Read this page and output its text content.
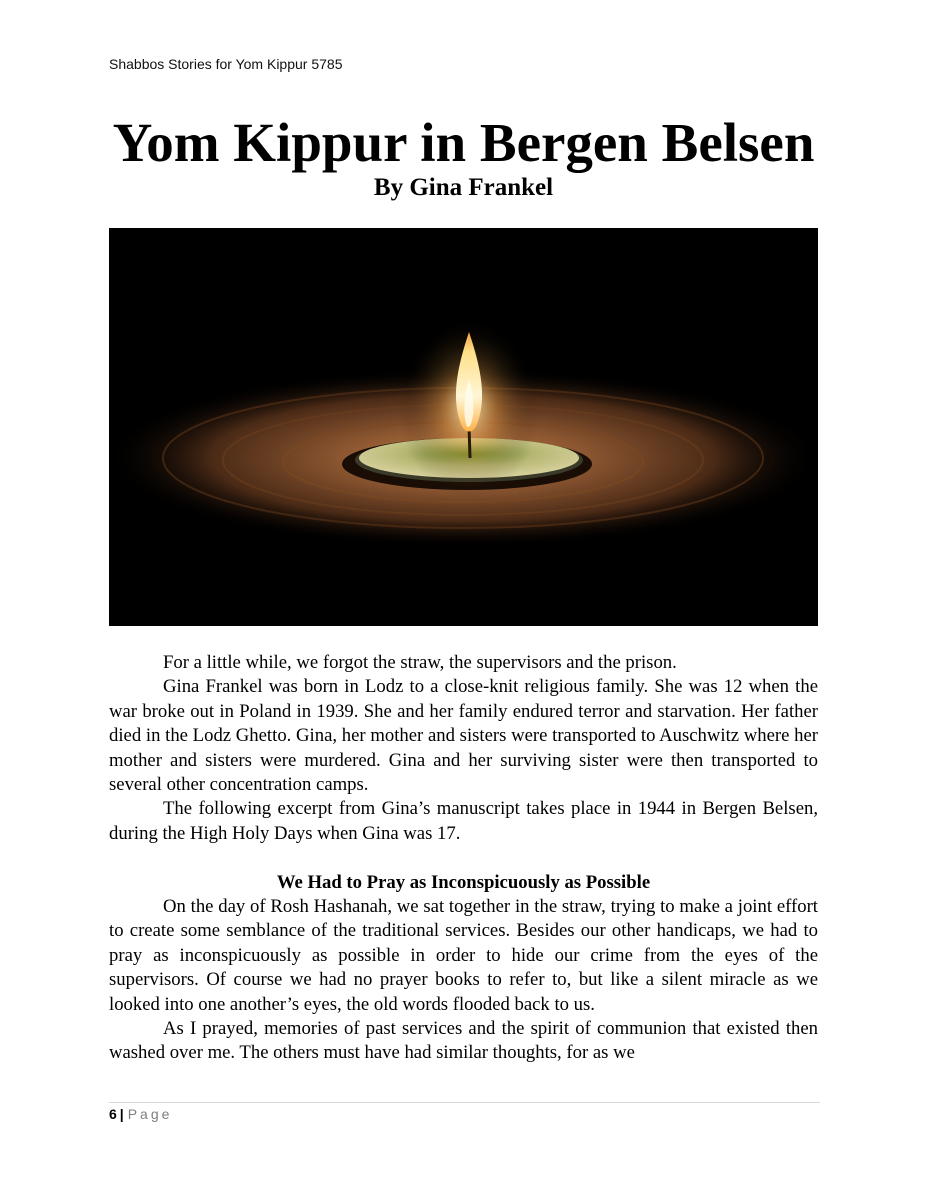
Shabbos Stories for Yom Kippur 5785
Yom Kippur in Bergen Belsen
By Gina Frankel

For a little while, we forgot the straw, the supervisors and the prison.

Gina Frankel was born in Lodz to a close-knit religious family. She was 12 when the war broke out in Poland in 1939. She and her family endured terror and starvation. Her father died in the Lodz Ghetto. Gina, her mother and sisters were transported to Auschwitz where her mother and sisters were murdered. Gina and her surviving sister were then transported to several other concentration camps.

The following excerpt from Gina’s manuscript takes place in 1944 in Bergen Belsen, during the High Holy Days when Gina was 17.

We Had to Pray as Inconspicuously as Possible

On the day of Rosh Hashanah, we sat together in the straw, trying to make a joint effort to create some semblance of the traditional services. Besides our other handicaps, we had to pray as inconspicuously as possible in order to hide our crime from the eyes of the supervisors. Of course we had no prayer books to refer to, but like a silent miracle as we looked into one another’s eyes, the old words flooded back to us.

As I prayed, memories of past services and the spirit of communion that existed then washed over me. The others must have had similar thoughts, for as we

6 | Page
